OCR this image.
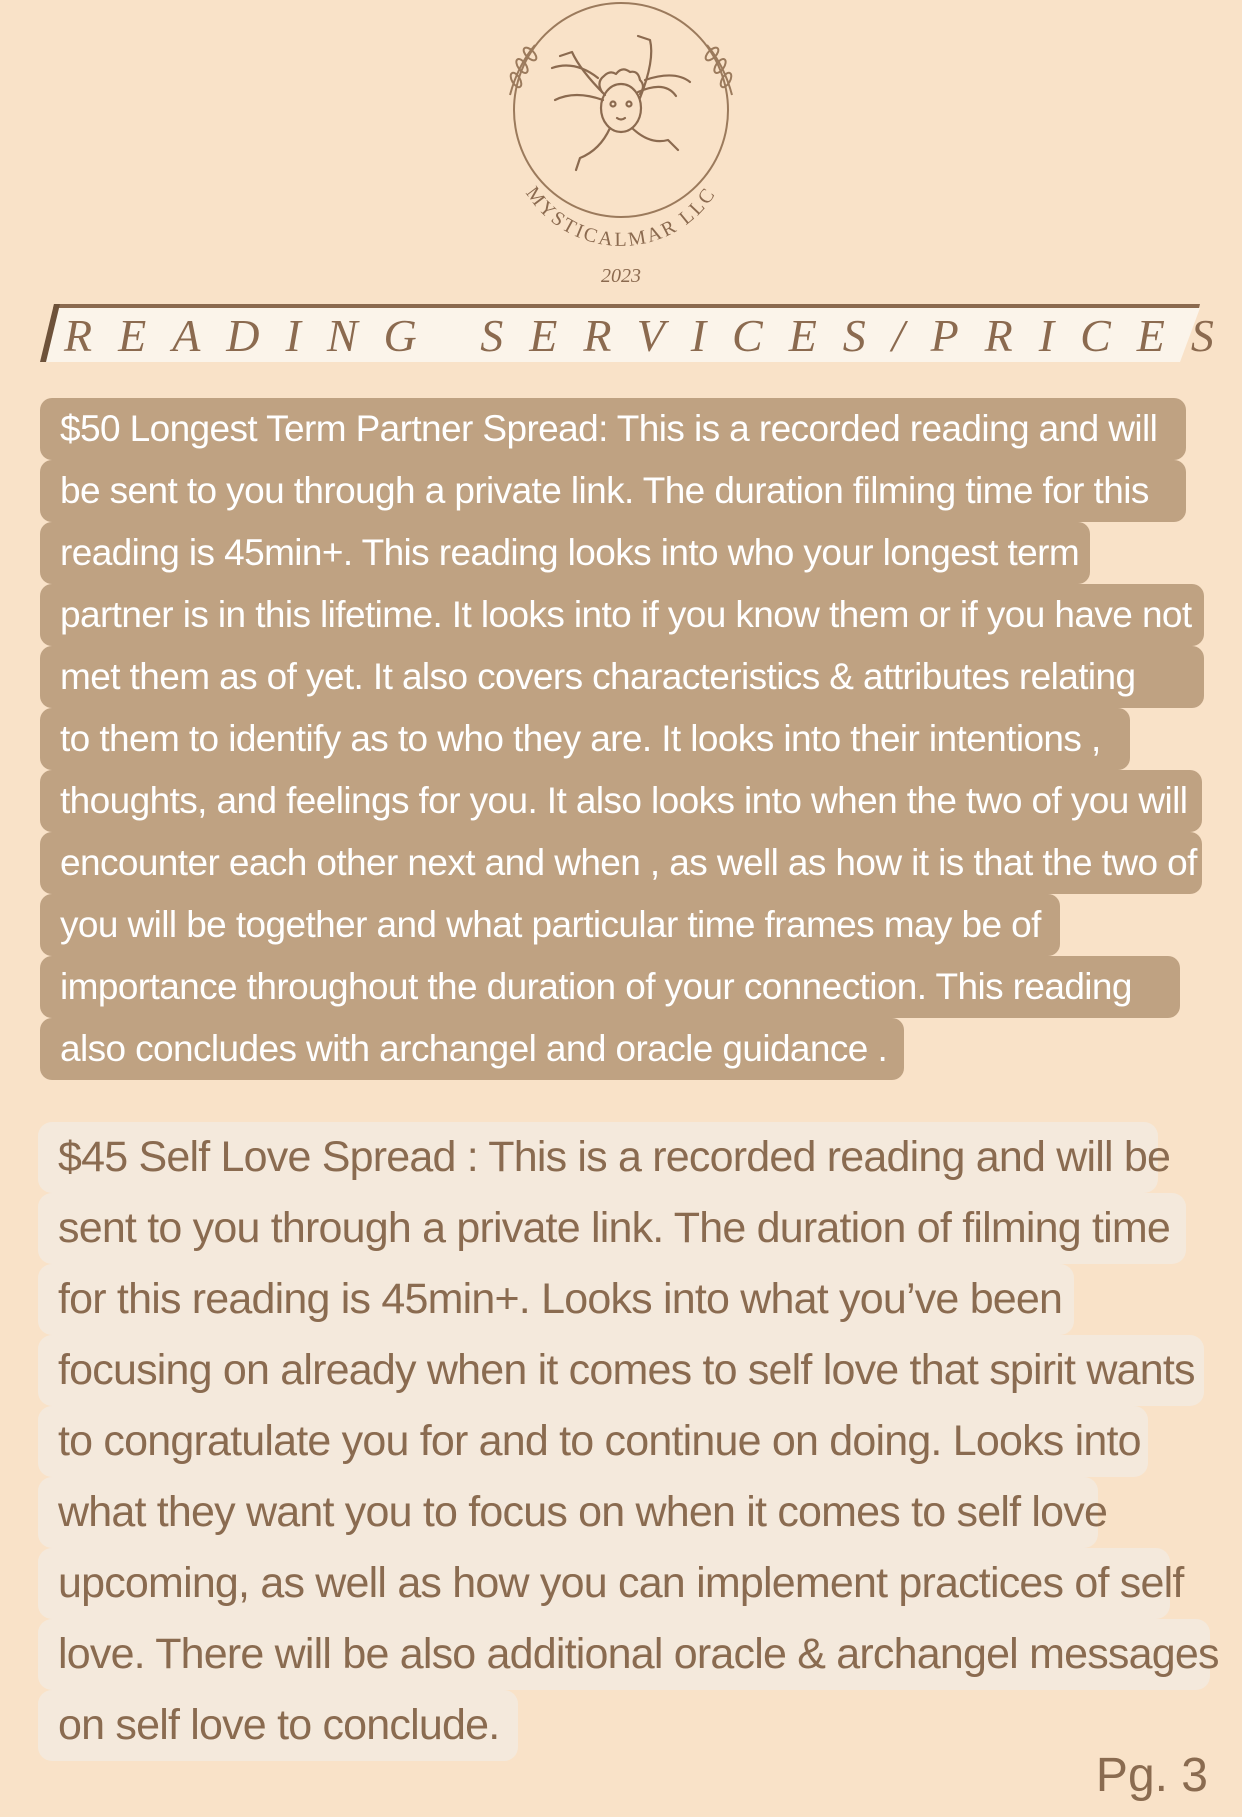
MYSTICALMAR LLC
2023
READING SERVICES/PRICES
$50 Longest Term Partner Spread: This is a recorded reading and will
be sent to you through a private link. The duration filming time for this
reading is 45min+. This reading looks into who your longest term
partner is in this lifetime. It looks into if you know them or if you have not
met them as of yet. It also covers characteristics & attributes relating
to them to identify as to who they are. It looks into their intentions ,
thoughts, and feelings for you. It also looks into when the two of you will
encounter each other next and when , as well as how it is that the two of
you will be together and what particular time frames may be of
importance throughout the duration of your connection. This reading
also concludes with archangel and oracle guidance .
$45 Self Love Spread : This is a recorded reading and will be
sent to you through a private link. The duration of filming time
for this reading is 45min+. Looks into what you’ve been
focusing on already when it comes to self love that spirit wants
to congratulate you for and to continue on doing. Looks into
what they want you to focus on when it comes to self love
upcoming, as well as how you can implement practices of self
love. There will be also additional oracle & archangel messages
on self love to conclude.
Pg. 3
